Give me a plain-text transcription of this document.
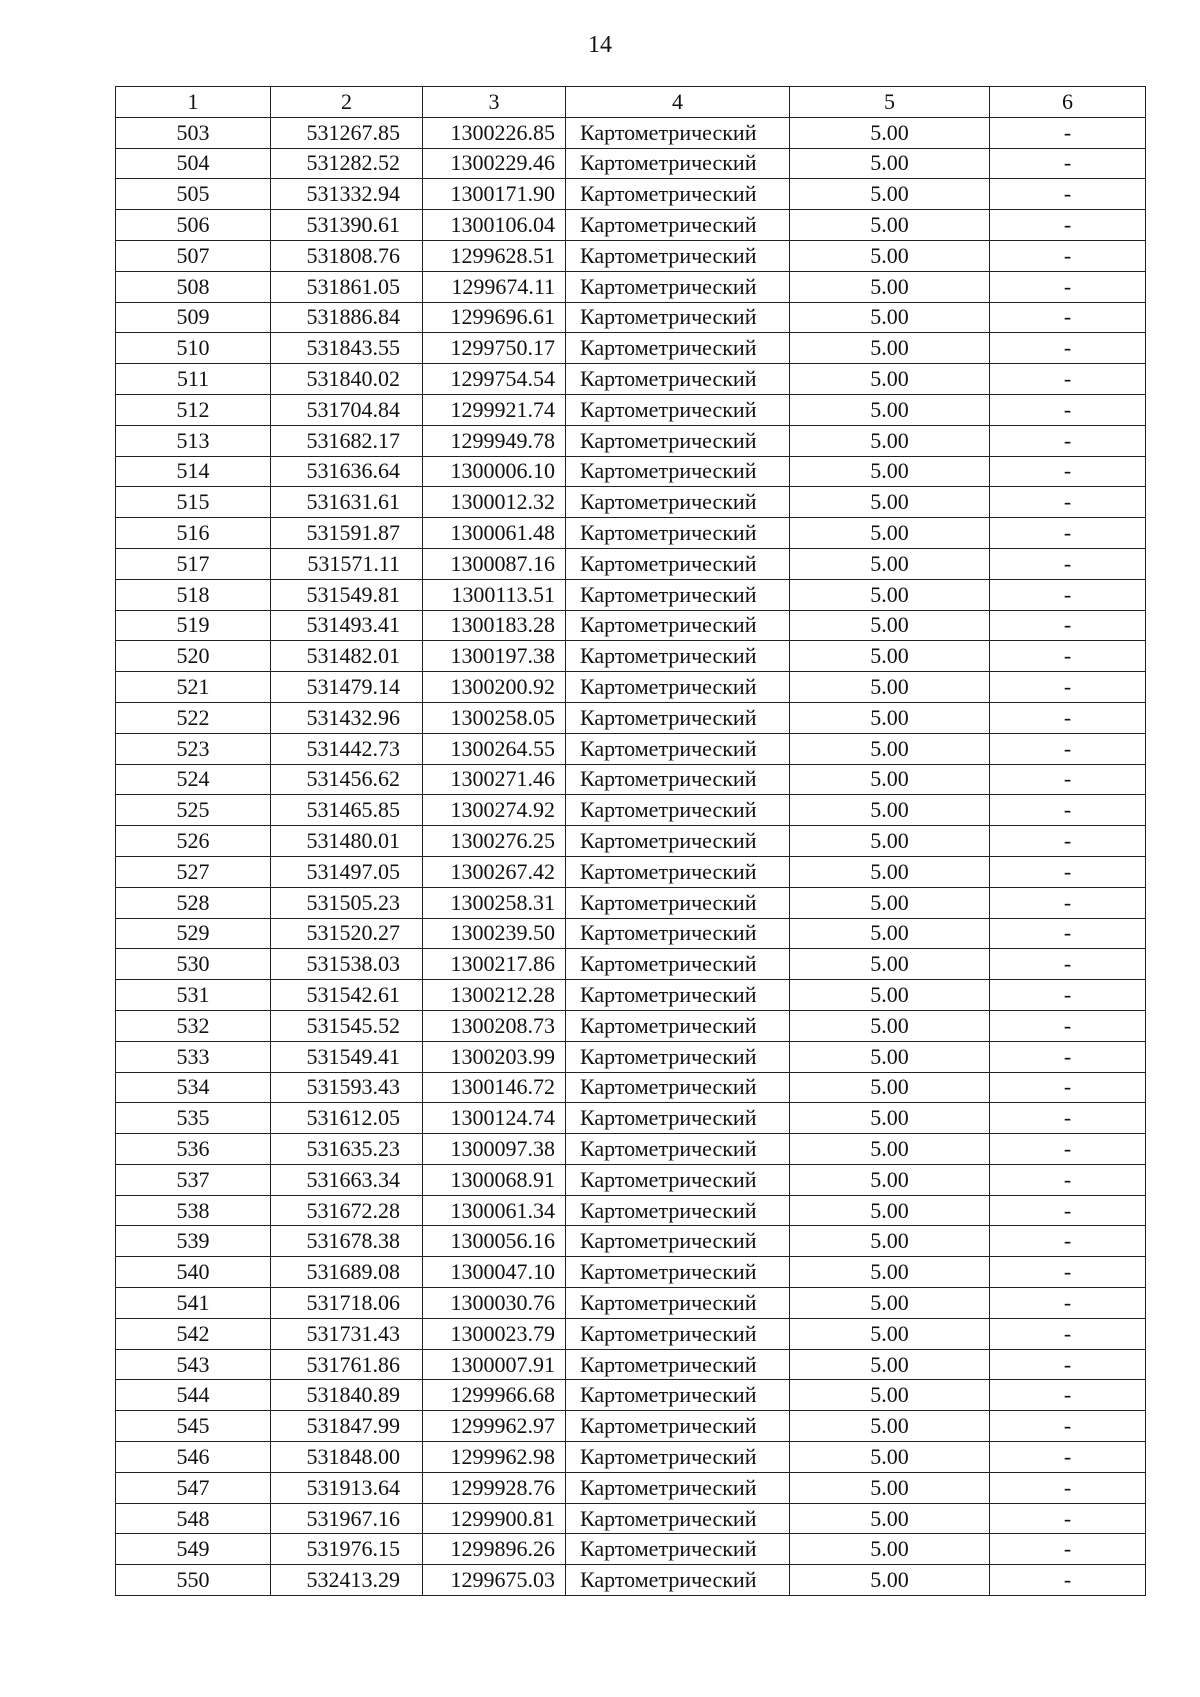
14
1	2	3	4	5	6
503	531267.85	1300226.85	Картометрический	5.00	-
504	531282.52	1300229.46	Картометрический	5.00	-
505	531332.94	1300171.90	Картометрический	5.00	-
506	531390.61	1300106.04	Картометрический	5.00	-
507	531808.76	1299628.51	Картометрический	5.00	-
508	531861.05	1299674.11	Картометрический	5.00	-
509	531886.84	1299696.61	Картометрический	5.00	-
510	531843.55	1299750.17	Картометрический	5.00	-
511	531840.02	1299754.54	Картометрический	5.00	-
512	531704.84	1299921.74	Картометрический	5.00	-
513	531682.17	1299949.78	Картометрический	5.00	-
514	531636.64	1300006.10	Картометрический	5.00	-
515	531631.61	1300012.32	Картометрический	5.00	-
516	531591.87	1300061.48	Картометрический	5.00	-
517	531571.11	1300087.16	Картометрический	5.00	-
518	531549.81	1300113.51	Картометрический	5.00	-
519	531493.41	1300183.28	Картометрический	5.00	-
520	531482.01	1300197.38	Картометрический	5.00	-
521	531479.14	1300200.92	Картометрический	5.00	-
522	531432.96	1300258.05	Картометрический	5.00	-
523	531442.73	1300264.55	Картометрический	5.00	-
524	531456.62	1300271.46	Картометрический	5.00	-
525	531465.85	1300274.92	Картометрический	5.00	-
526	531480.01	1300276.25	Картометрический	5.00	-
527	531497.05	1300267.42	Картометрический	5.00	-
528	531505.23	1300258.31	Картометрический	5.00	-
529	531520.27	1300239.50	Картометрический	5.00	-
530	531538.03	1300217.86	Картометрический	5.00	-
531	531542.61	1300212.28	Картометрический	5.00	-
532	531545.52	1300208.73	Картометрический	5.00	-
533	531549.41	1300203.99	Картометрический	5.00	-
534	531593.43	1300146.72	Картометрический	5.00	-
535	531612.05	1300124.74	Картометрический	5.00	-
536	531635.23	1300097.38	Картометрический	5.00	-
537	531663.34	1300068.91	Картометрический	5.00	-
538	531672.28	1300061.34	Картометрический	5.00	-
539	531678.38	1300056.16	Картометрический	5.00	-
540	531689.08	1300047.10	Картометрический	5.00	-
541	531718.06	1300030.76	Картометрический	5.00	-
542	531731.43	1300023.79	Картометрический	5.00	-
543	531761.86	1300007.91	Картометрический	5.00	-
544	531840.89	1299966.68	Картометрический	5.00	-
545	531847.99	1299962.97	Картометрический	5.00	-
546	531848.00	1299962.98	Картометрический	5.00	-
547	531913.64	1299928.76	Картометрический	5.00	-
548	531967.16	1299900.81	Картометрический	5.00	-
549	531976.15	1299896.26	Картометрический	5.00	-
550	532413.29	1299675.03	Картометрический	5.00	-
